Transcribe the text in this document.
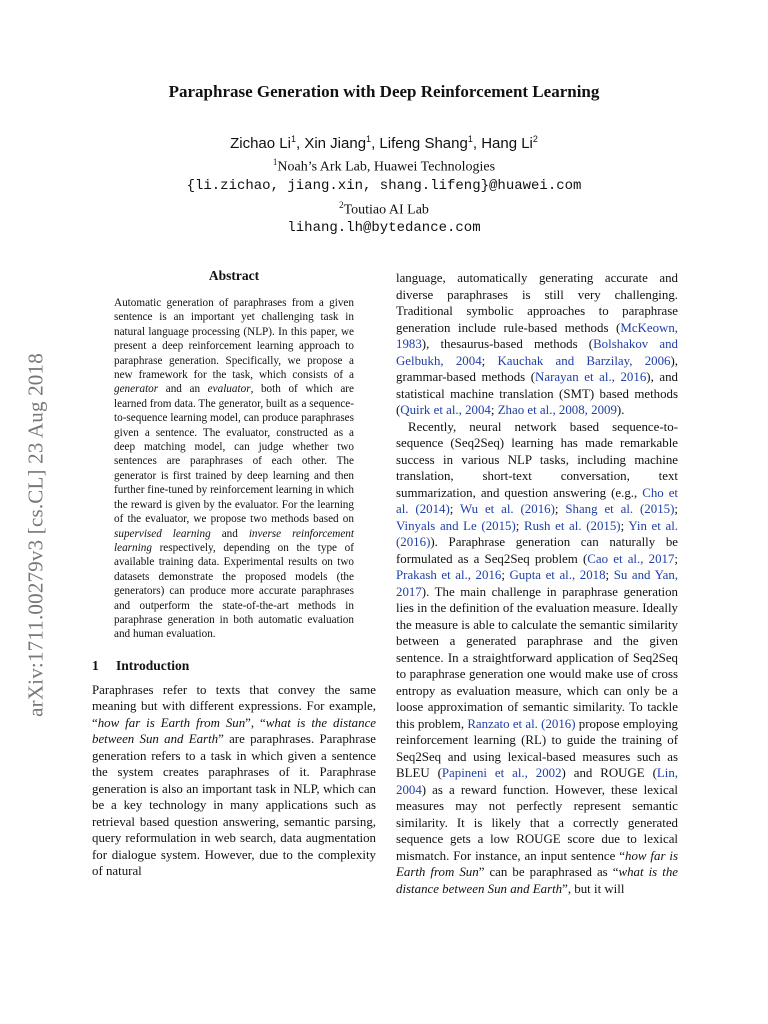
arXiv:1711.00279v3 [cs.CL] 23 Aug 2018
Paraphrase Generation with Deep Reinforcement Learning
Zichao Li$^1$, Xin Jiang$^1$, Lifeng Shang$^1$, Hang Li$^2$
$^1$Noah’s Ark Lab, Huawei Technologies
{li.zichao, jiang.xin, shang.lifeng}@huawei.com
$^2$Toutiao AI Lab
lihang.lh@bytedance.com
Abstract

Automatic generation of paraphrases from a given sentence is an important yet challenging task in natural language processing (NLP). In this paper, we present a deep reinforcement learning approach to paraphrase generation. Specifically, we propose a new framework for the task, which consists of a generator and an evaluator, both of which are learned from data. The generator, built as a sequence-to-sequence learning model, can produce paraphrases given a sentence. The evaluator, constructed as a deep matching model, can judge whether two sentences are paraphrases of each other. The generator is first trained by deep learning and then further fine-tuned by reinforcement learning in which the reward is given by the evaluator. For the learning of the evaluator, we propose two methods based on supervised learning and inverse reinforcement learning respectively, depending on the type of available training data. Experimental results on two datasets demonstrate the proposed models (the generators) can produce more accurate paraphrases and outperform the state-of-the-art methods in paraphrase generation in both automatic evaluation and human evaluation.

1 Introduction

Paraphrases refer to texts that convey the same meaning but with different expressions. For example, “how far is Earth from Sun”, “what is the distance between Sun and Earth” are paraphrases. Paraphrase generation refers to a task in which given a sentence the system creates paraphrases of it. Paraphrase generation is also an important task in NLP, which can be a key technology in many applications such as retrieval based question answering, semantic parsing, query reformulation in web search, data augmentation for dialogue system. However, due to the complexity of natural

language, automatically generating accurate and diverse paraphrases is still very challenging. Traditional symbolic approaches to paraphrase generation include rule-based methods (McKeown, 1983), thesaurus-based methods (Bolshakov and Gelbukh, 2004; Kauchak and Barzilay, 2006), grammar-based methods (Narayan et al., 2016), and statistical machine translation (SMT) based methods (Quirk et al., 2004; Zhao et al., 2008, 2009).

Recently, neural network based sequence-to-sequence (Seq2Seq) learning has made remarkable success in various NLP tasks, including machine translation, short-text conversation, text summarization, and question answering (e.g., Cho et al. (2014); Wu et al. (2016); Shang et al. (2015); Vinyals and Le (2015); Rush et al. (2015); Yin et al. (2016)). Paraphrase generation can naturally be formulated as a Seq2Seq problem (Cao et al., 2017; Prakash et al., 2016; Gupta et al., 2018; Su and Yan, 2017). The main challenge in paraphrase generation lies in the definition of the evaluation measure. Ideally the measure is able to calculate the semantic similarity between a generated paraphrase and the given sentence. In a straightforward application of Seq2Seq to paraphrase generation one would make use of cross entropy as evaluation measure, which can only be a loose approximation of semantic similarity. To tackle this problem, Ranzato et al. (2016) propose employing reinforcement learning (RL) to guide the training of Seq2Seq and using lexical-based measures such as BLEU (Papineni et al., 2002) and ROUGE (Lin, 2004) as a reward function. However, these lexical measures may not perfectly represent semantic similarity. It is likely that a correctly generated sequence gets a low ROUGE score due to lexical mismatch. For instance, an input sentence “how far is Earth from Sun” can be paraphrased as “what is the distance between Sun and Earth”, but it will
